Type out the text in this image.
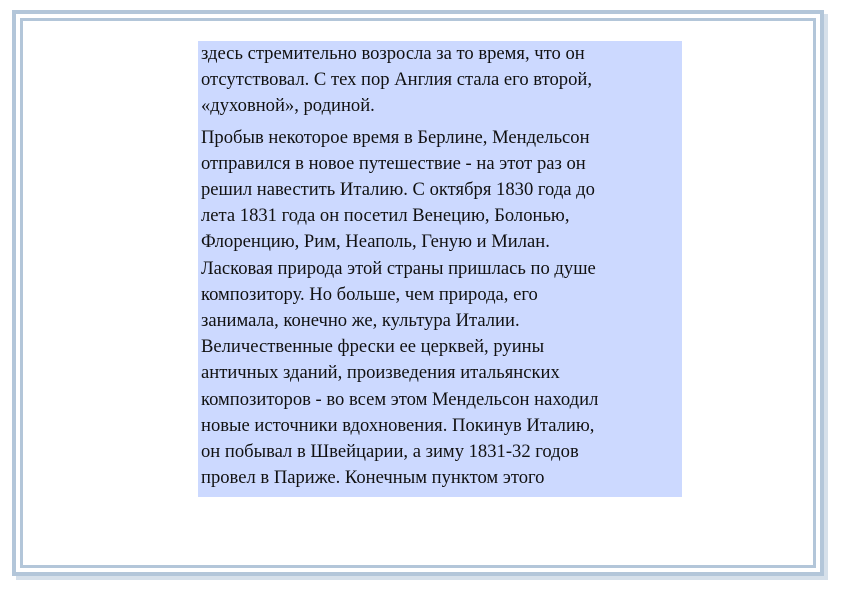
здесь стремительно возросла за то время, что он
отсутствовал. С тех пор Англия стала его второй,
«духовной», родиной.

Пробыв некоторое время в Берлине, Мендельсон
отправился в новое путешествие - на этот раз он
решил навестить Италию. С октября 1830 года до
лета 1831 года он посетил Венецию, Болонью,
Флоренцию, Рим, Неаполь, Геную и Милан.
Ласковая природа этой страны пришлась по душе
композитору. Но больше, чем природа, его
занимала, конечно же, культура Италии.
Величественные фрески ее церквей, руины
античных зданий, произведения итальянских
композиторов - во всем этом Мендельсон находил
новые источники вдохновения. Покинув Италию,
он побывал в Швейцарии, а зиму 1831-32 годов
провел в Париже. Конечным пунктом этого
